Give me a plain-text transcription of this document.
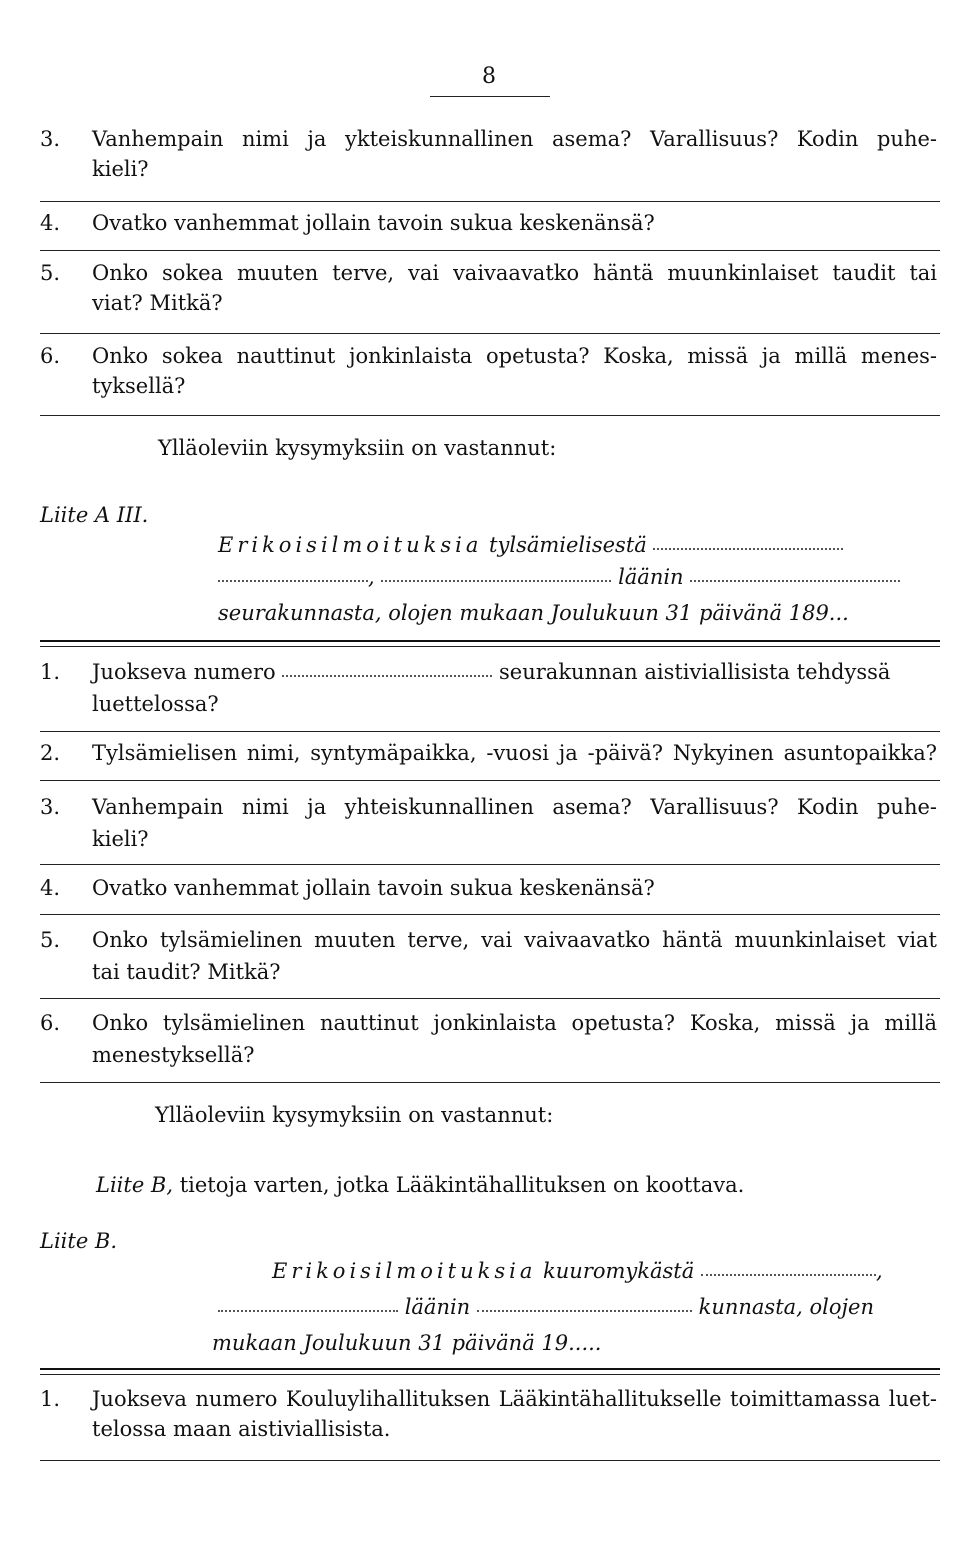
8
3. Vanhempain nimi ja ykteiskunnallinen asema? Varallisuus? Kodin puhe-
kieli?
4. Ovatko vanhemmat jollain tavoin sukua keskenänsä?
5. Onko sokea muuten terve, vai vaivaavatko häntä muunkinlaiset taudit tai
viat? Mitkä?
6. Onko sokea nauttinut jonkinlaista opetusta? Koska, missä ja millä menes-
tyksellä?
Ylläoleviin kysymyksiin on vastannut:
Liite A III.
Erikoisilmoituksia tylsämielisestä
,	läänin
seurakunnasta, olojen mukaan Joulukuun 31 päivänä 189...
1. Juokseva numero	seurakunnan aistiviallisista tehdyssä
luettelossa?
2. Tylsämielisen nimi, syntymäpaikka, -vuosi ja -päivä? Nykyinen asuntopaikka?
3. Vanhempain nimi ja yhteiskunnallinen asema? Varallisuus? Kodin puhe-
kieli?
4. Ovatko vanhemmat jollain tavoin sukua keskenänsä?
5. Onko tylsämielinen muuten terve, vai vaivaavatko häntä muunkinlaiset viat
tai taudit? Mitkä?
6. Onko tylsämielinen nauttinut jonkinlaista opetusta? Koska, missä ja millä
menestyksellä?
Ylläoleviin kysymyksiin on vastannut:
Liite B, tietoja varten, jotka Lääkintähallituksen on koottava.
Liite B.
Erikoisilmoituksia kuuromykästä	,
läänin	kunnasta, olojen
mukaan Joulukuun 31 päivänä 19.....
1. Juokseva numero Kouluylihallituksen Lääkintähallitukselle toimittamassa luet-
telossa maan aistiviallisista.
